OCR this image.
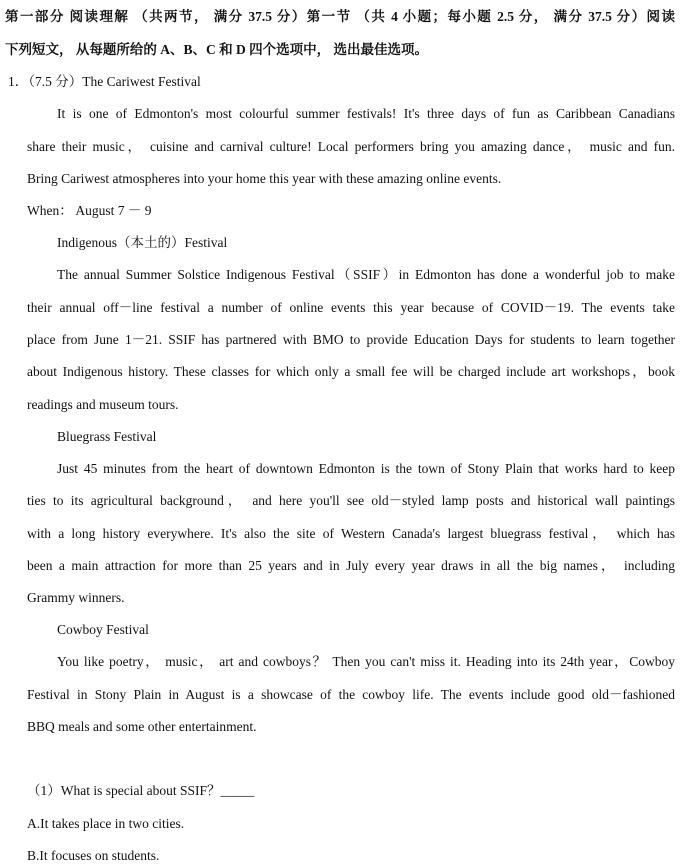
第一部分 阅读理解 （共两节， 满分 37.5 分）第一节 （共 4 小题；每小题 2.5 分， 满分 37.5 分）阅读
下列短文， 从每题所给的 A、B、C 和 D 四个选项中， 选出最佳选项。
1．（7.5 分）The Cariwest Festival
It is one of Edmonton's most colourful summer festivals! It's three days of fun as Caribbean Canadians
share their music， cuisine and carnival culture! Local performers bring you amazing dance， music and fun.
Bring Cariwest atmospheres into your home this year with these amazing online events.
When： August 7 － 9
Indigenous（本土的）Festival
The annual Summer Solstice Indigenous Festival（SSIF）in Edmonton has done a wonderful job to make
their annual off－line festival a number of online events this year because of COVID－19. The events take
place from June 1－21. SSIF has partnered with BMO to provide Education Days for students to learn together
about Indigenous history. These classes for which only a small fee will be charged include art workshops，book
readings and museum tours.
Bluegrass Festival
Just 45 minutes from the heart of downtown Edmonton is the town of Stony Plain that works hard to keep
ties to its agricultural background， and here you'll see old－styled lamp posts and historical wall paintings
with a long history everywhere. It's also the site of Western Canada's largest bluegrass festival， which has
been a main attraction for more than 25 years and in July every year draws in all the big names， including
Grammy winners.
Cowboy Festival
You like poetry， music， art and cowboys？ Then you can't miss it. Heading into its 24th year，Cowboy
Festival in Stony Plain in August is a showcase of the cowboy life. The events include good old－fashioned
BBQ meals and some other entertainment.
（1）What is special about SSIF？_____
A.It takes place in two cities.
B.It focuses on students.
